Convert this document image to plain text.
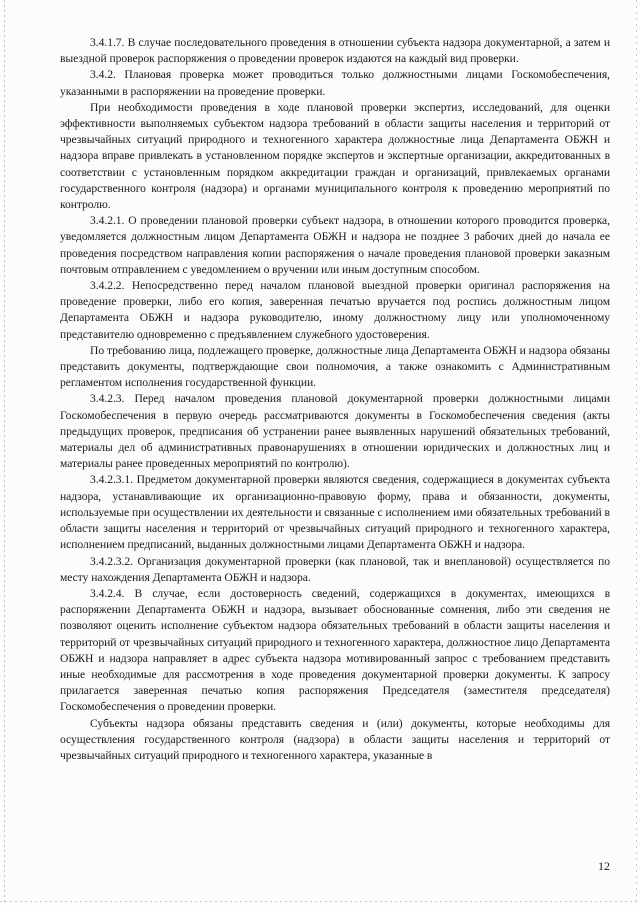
3.4.1.7. В случае последовательного проведения в отношении субъекта надзора документарной, а затем и выездной проверок распоряжения о проведении проверок издаются на каждый вид проверки.

3.4.2. Плановая проверка может проводиться только должностными лицами Госкомобеспечения, указанными в распоряжении на проведение проверки.

При необходимости проведения в ходе плановой проверки экспертиз, исследований, для оценки эффективности выполняемых субъектом надзора требований в области защиты населения и территорий от чрезвычайных ситуаций природного и техногенного характера должностные лица Департамента ОБЖН и надзора вправе привлекать в установленном порядке экспертов и экспертные организации, аккредитованных в соответствии с установленным порядком аккредитации граждан и организаций, привлекаемых органами государственного контроля (надзора) и органами муниципального контроля к проведению мероприятий по контролю.

3.4.2.1. О проведении плановой проверки субъект надзора, в отношении которого проводится проверка, уведомляется должностным лицом Департамента ОБЖН и надзора не позднее 3 рабочих дней до начала ее проведения посредством направления копии распоряжения о начале проведения плановой проверки заказным почтовым отправлением с уведомлением о вручении или иным доступным способом.

3.4.2.2. Непосредственно перед началом плановой выездной проверки оригинал распоряжения на проведение проверки, либо его копия, заверенная печатью вручается под роспись должностным лицом Департамента ОБЖН и надзора руководителю, иному должностному лицу или уполномоченному представителю одновременно с предъявлением служебного удостоверения.

По требованию лица, подлежащего проверке, должностные лица Департамента ОБЖН и надзора обязаны представить документы, подтверждающие свои полномочия, а также ознакомить с Административным регламентом исполнения государственной функции.

3.4.2.3. Перед началом проведения плановой документарной проверки должностными лицами Госкомобеспечения в первую очередь рассматриваются документы в Госкомобеспечения сведения (акты предыдущих проверок, предписания об устранении ранее выявленных нарушений обязательных требований, материалы дел об административных правонарушениях в отношении юридических и должностных лиц и материалы ранее проведенных мероприятий по контролю).

3.4.2.3.1. Предметом документарной проверки являются сведения, содержащиеся в документах субъекта надзора, устанавливающие их организационно-правовую форму, права и обязанности, документы, используемые при осуществлении их деятельности и связанные с исполнением ими обязательных требований в области защиты населения и территорий от чрезвычайных ситуаций природного и техногенного характера, исполнением предписаний, выданных должностными лицами Департамента ОБЖН и надзора.

3.4.2.3.2. Организация документарной проверки (как плановой, так и внеплановой) осуществляется по месту нахождения Департамента ОБЖН и надзора.

3.4.2.4. В случае, если достоверность сведений, содержащихся в документах, имеющихся в распоряжении Департамента ОБЖН и надзора, вызывает обоснованные сомнения, либо эти сведения не позволяют оценить исполнение субъектом надзора обязательных требований в области защиты населения и территорий от чрезвычайных ситуаций природного и техногенного характера, должностное лицо Департамента ОБЖН и надзора направляет в адрес субъекта надзора мотивированный запрос с требованием представить иные необходимые для рассмотрения в ходе проведения документарной проверки документы. К запросу прилагается заверенная печатью копия распоряжения Председателя (заместителя председателя) Госкомобеспечения о проведении проверки.

Субъекты надзора обязаны представить сведения и (или) документы, которые необходимы для осуществления государственного контроля (надзора) в области защиты населения и территорий от чрезвычайных ситуаций природного и техногенного характера, указанные в

12
